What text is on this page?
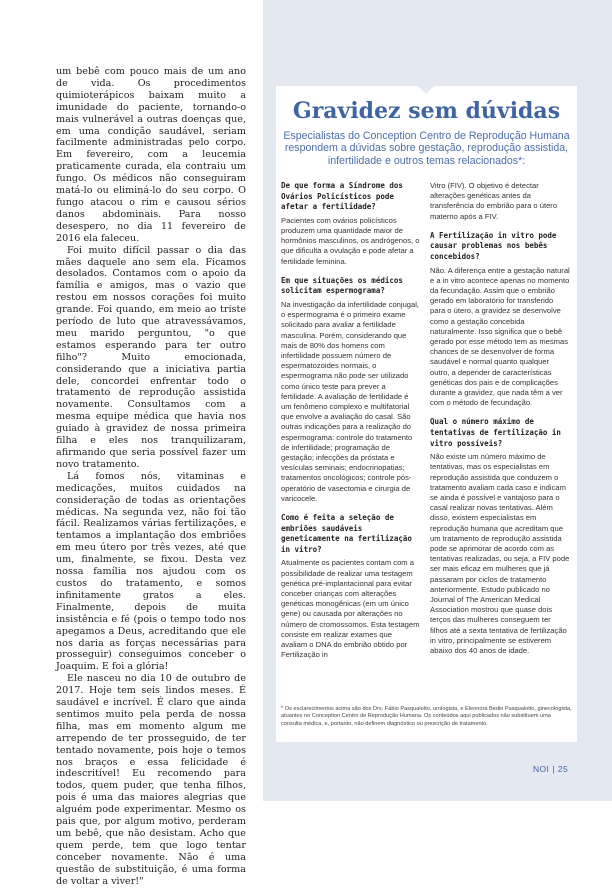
um bebê com pouco mais de um ano de vida. Os procedimentos quimioterápicos baixam muito a imunidade do paciente, tornando-o mais vulnerável a outras doenças que, em uma condição saudável, seriam facilmente administradas pelo corpo. Em fevereiro, com a leucemia praticamente curada, ela contraiu um fungo. Os médicos não conseguiram matá-lo ou eliminá-lo do seu corpo. O fungo atacou o rim e causou sérios danos abdominais. Para nosso desespero, no dia 11 fevereiro de 2016 ela faleceu.

Foi muito difícil passar o dia das mães daquele ano sem ela. Ficamos desolados. Contamos com o apoio da família e amigos, mas o vazio que restou em nossos corações foi muito grande. Foi quando, em meio ao triste período de luto que atravessávamos, meu marido perguntou, "o que estamos esperando para ter outro filho"? Muito emocionada, considerando que a iniciativa partia dele, concordei enfrentar todo o tratamento de reprodução assistida novamente. Consultamos com a mesma equipe médica que havia nos guiado à gravidez de nossa primeira filha e eles nos tranquilizaram, afirmando que seria possível fazer um novo tratamento.

Lá fomos nós, vitaminas e medicações, muitos cuidados na consideração de todas as orientações médicas. Na segunda vez, não foi tão fácil. Realizamos várias fertilizações, e tentamos a implantação dos embriões em meu útero por três vezes, até que um, finalmente, se fixou. Desta vez nossa família nos ajudou com os custos do tratamento, e somos infinitamente gratos a eles. Finalmente, depois de muita insistência e fé (pois o tempo todo nos apegamos a Deus, acreditando que ele nos daria as forças necessárias para prosseguir) conseguimos conceber o Joaquim. E foi a glória!

Ele nasceu no dia 10 de outubro de 2017. Hoje tem seis lindos meses. É saudável e incrível. É claro que ainda sentimos muito pela perda de nossa filha, mas em momento algum me arrependo de ter prosseguido, de ter tentado novamente, pois hoje o temos nos braços e essa felicidade é indescritível! Eu recomendo para todos, quem puder, que tenha filhos, pois é uma das maiores alegrias que alguém pode experimentar. Mesmo os pais que, por algum motivo, perderam um bebê, que não desistam. Acho que quem perde, tem que logo tentar conceber novamente. Não é uma questão de substituição, é uma forma de voltar a viver!"

Gravidez sem dúvidas

Especialistas do Conception Centro de Reprodução Humana respondem a dúvidas sobre gestação, reprodução assistida, infertilidade e outros temas relacionados*:

De que forma a Síndrome dos Ovários Policísticos pode afetar a fertilidade?

Pacientes com ovários policísticos produzem uma quantidade maior de hormônios masculinos, os andrógenos, o que dificulta a ovulação e pode afetar a fertilidade feminina.

Em que situações os médicos solicitam espermograma?

Na investigação da infertilidade conjugal, o espermograma é o primeiro exame solicitado para avaliar a fertilidade masculina. Porém, considerando que mais de 80% dos homens com infertilidade possuem número de espermatozoides normais, o espermograma não pode ser utilizado como único teste para prever a fertilidade. A avaliação de fertilidade é um fenômeno complexo e multifatorial que envolve a avaliação do casal. São outras indicações para a realização do espermograma: controle do tratamento de infertilidade; programação de gestação; infecções da próstata e vesículas seminais; endocrinopatias; tratamentos oncológicos; controle pós-operatório de vasectomia e cirurgia de varicocele.

Como é feita a seleção de embriões saudáveis geneticamente na fertilização in vitro?

Atualmente os pacientes contam com a possibilidade de realizar uma testagem genética pré-implantacional para evitar conceber crianças com alterações genéticas monogênicas (em um único gene) ou causada por alterações no número de cromossomos. Esta testagem consiste em realizar exames que avaliam o DNA do embrião obtido por Fertilização in

Vitro (FIV). O objetivo é detectar alterações genéticas antes da transferência do embrião para o útero materno após a FIV.

A Fertilização in vitro pode causar problemas nos bebês concebidos?

Não. A diferença entre a gestação natural e a in vitro acontece apenas no momento da fecundação. Assim que o embrião gerado em laboratório for transferido para o útero, a gravidez se desenvolve como a gestação concebida naturalmente. Isso significa que o bebê gerado por esse método tem as mesmas chances de se desenvolver de forma saudável e normal quanto qualquer outro, a depender de características genéticas dos pais e de complicações durante a gravidez, que nada têm a ver com o método de fecundação.

Qual o número máximo de tentativas de fertilização in vitro possíveis?

Não existe um número máximo de tentativas, mas os especialistas em reprodução assistida que conduzem o tratamento avaliam cada caso e indicam se ainda é possível e vantajoso para o casal realizar novas tentativas. Além disso, existem especialistas em reprodução humana que acreditam que um tratamento de reprodução assistida pode se aprimorar de acordo com as tentativas realizadas, ou seja, a FIV pode ser mais eficaz em mulheres que já passaram por ciclos de tratamento anteriormente. Estudo publicado no Journal of The American Medical Association mostrou que quase dois terços das mulheres conseguem ter filhos até a sexta tentativa de fertilização in vitro, principalmente se estiverem abaixo dos 40 anos de idade.

* Os esclarecimentos acima são dos Drs. Fábio Pasqualotto, urologista, e Eleonora Bedin Pasqualotto, ginecologista, atuantes no Conception Centro de Reprodução Humana. Os conteúdos aqui publicados não substituem uma consulta médica, e, portanto, não definem diagnóstico ou prescrição de tratamento.

NOI | 25
